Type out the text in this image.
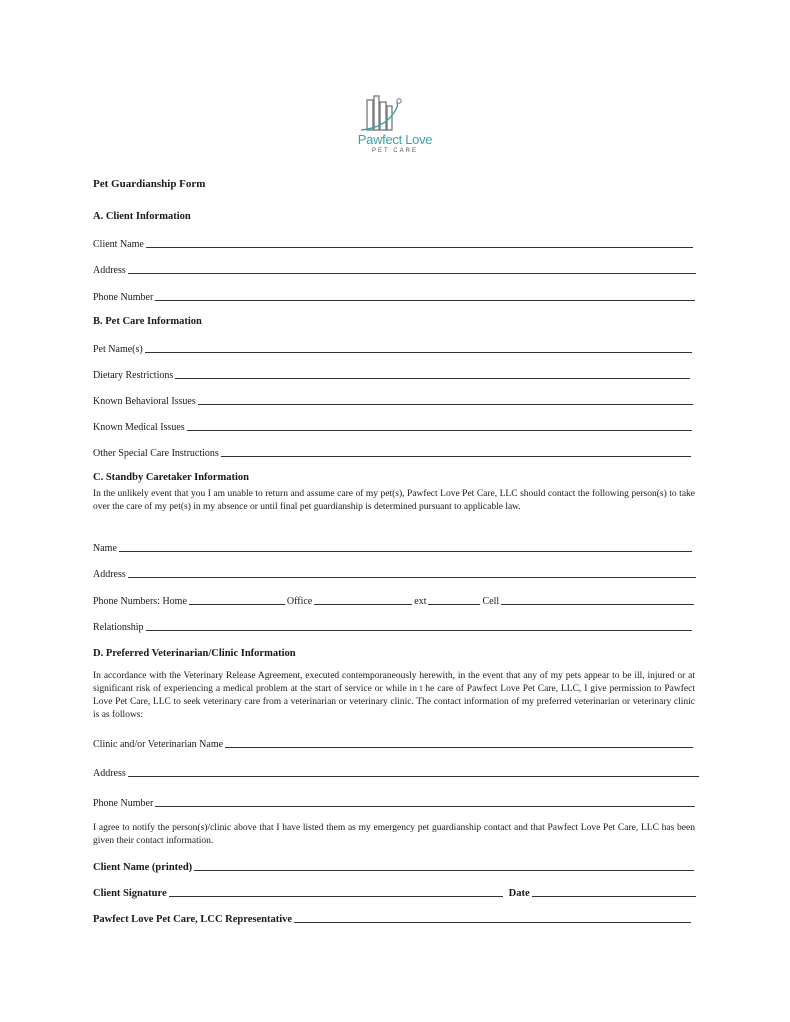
Pawfect Love
PET CARE
Pet Guardianship Form
A. Client Information
Client Name
Address
Phone Number
B. Pet Care Information
Pet Name(s)
Dietary Restrictions
Known Behavioral Issues
Known Medical Issues
Other Special Care Instructions
C. Standby Caretaker Information
In the unlikely event that you I am unable to return and assume care of my pet(s), Pawfect Love Pet Care, LLC should contact the following person(s) to take over the care of my pet(s) in my absence or until final pet guardianship is determined pursuant to applicable law.
Name
Address
Phone Numbers: Home	Office	ext	Cell
Relationship
D. Preferred Veterinarian/Clinic Information
In accordance with the Veterinary Release Agreement, executed contemporaneously herewith, in the event that any of my pets appear to be ill, injured or at significant risk of experiencing a medical problem at the start of service or while in t he care of Pawfect Love Pet Care, LLC, I give permission to Pawfect Love Pet Care, LLC to seek veterinary care from a veterinarian or veterinary clinic. The contact information of my preferred veterinarian or veterinary clinic is as follows:
Clinic and/or Veterinarian Name
Address
Phone Number
I agree to notify the person(s)/clinic above that I have listed them as my emergency pet guardianship contact and that Pawfect Love Pet Care, LLC has been given their contact information.
Client Name (printed)
Client Signature	Date
Pawfect Love Pet Care, LCC Representative
